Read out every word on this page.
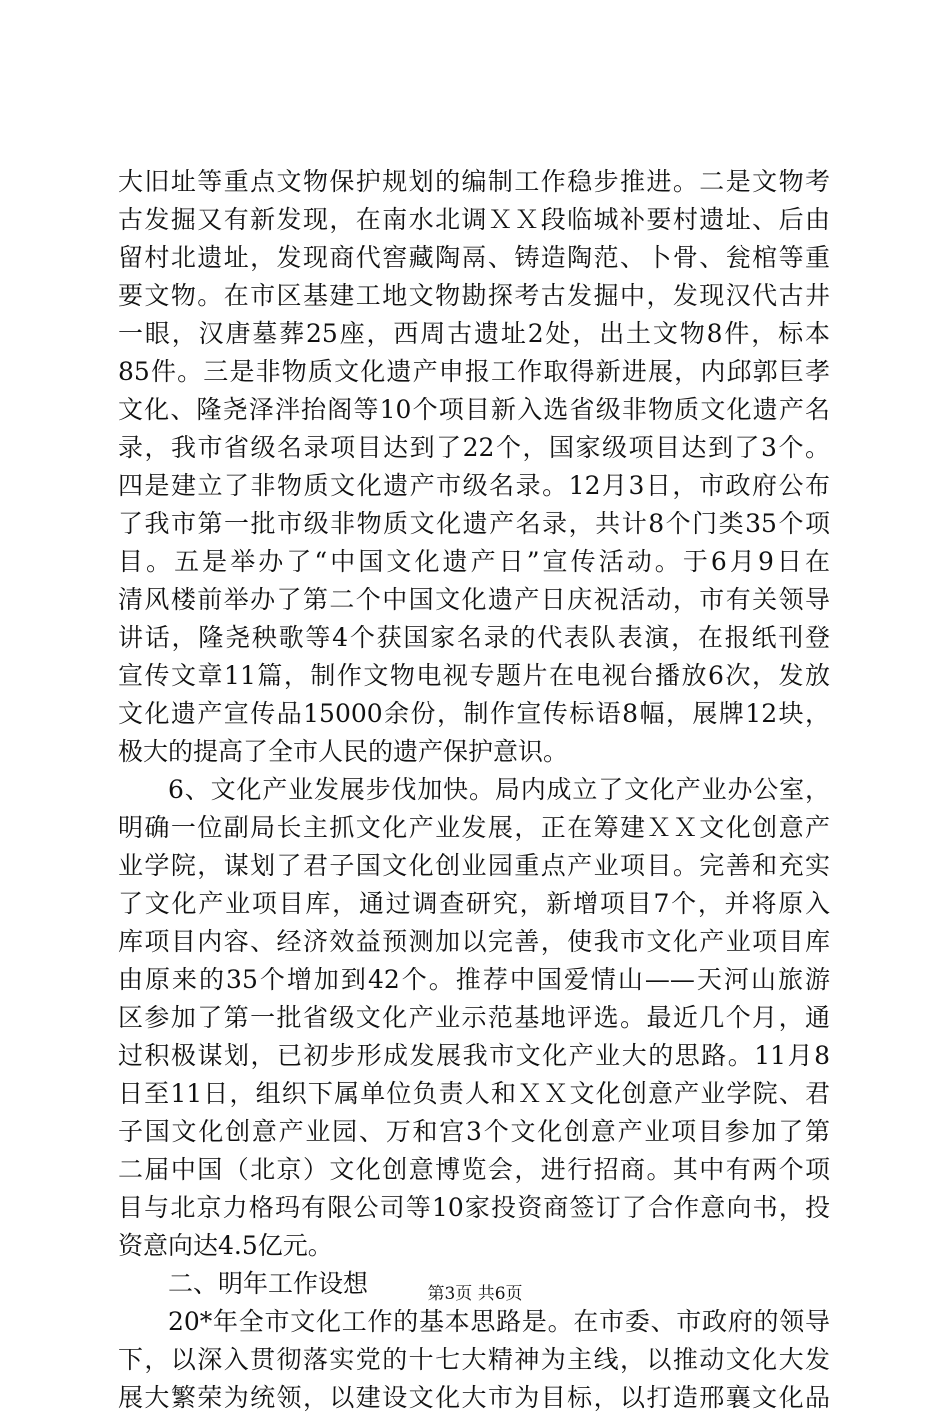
大旧址等重点文物保护规划的编制工作稳步推进。二是文物考
古发掘又有新发现，在南水北调ＸＸ段临城补要村遗址、后由
留村北遗址，发现商代窖藏陶鬲、铸造陶范、卜骨、瓮棺等重
要文物。在市区基建工地文物勘探考古发掘中，发现汉代古井
一眼，汉唐墓葬25座，西周古遗址2处，出土文物8件，标本
85件。三是非物质文化遗产申报工作取得新进展，内邱郭巨孝
文化、隆尧泽泮抬阁等10个项目新入选省级非物质文化遗产名
录，我市省级名录项目达到了22个，国家级项目达到了3个。
四是建立了非物质文化遗产市级名录。12月3日，市政府公布
了我市第一批市级非物质文化遗产名录，共计8个门类35个项
目。五是举办了“中国文化遗产日”宣传活动。于6月9日在
清风楼前举办了第二个中国文化遗产日庆祝活动，市有关领导
讲话，隆尧秧歌等4个获国家名录的代表队表演，在报纸刊登
宣传文章11篇，制作文物电视专题片在电视台播放6次，发放
文化遗产宣传品15000余份，制作宣传标语8幅，展牌12块，
极大的提高了全市人民的遗产保护意识。
6、文化产业发展步伐加快。局内成立了文化产业办公室，
明确一位副局长主抓文化产业发展，正在筹建ＸＸ文化创意产
业学院，谋划了君子国文化创业园重点产业项目。完善和充实
了文化产业项目库，通过调查研究，新增项目7个，并将原入
库项目内容、经济效益预测加以完善，使我市文化产业项目库
由原来的35个增加到42个。推荐中国爱情山——天河山旅游
区参加了第一批省级文化产业示范基地评选。最近几个月，通
过积极谋划，已初步形成发展我市文化产业大的思路。11月8
日至11日，组织下属单位负责人和ＸＸ文化创意产业学院、君
子国文化创意产业园、万和宫3个文化创意产业项目参加了第
二届中国（北京）文化创意博览会，进行招商。其中有两个项
目与北京力格玛有限公司等10家投资商签订了合作意向书，投
资意向达4.5亿元。
二、明年工作设想
20*年全市文化工作的基本思路是。在市委、市政府的领导
下，以深入贯彻落实党的十七大精神为主线，以推动文化大发
展大繁荣为统领，以建设文化大市为目标，以打造邢襄文化品
第3页 共6页
